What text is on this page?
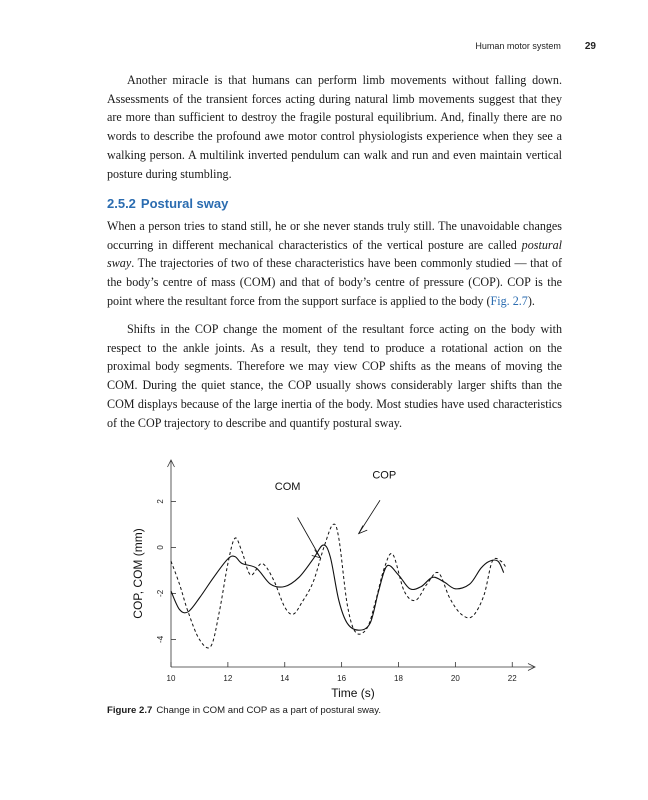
Human motor system 29

Another miracle is that humans can perform limb movements without falling down. Assessments of the transient forces acting during natural limb movements suggest that they are more than sufficient to destroy the fragile postural equilibrium. And, finally there are no words to describe the profound awe motor control physiologists experience when they see a walking person. A multilink inverted pendulum can walk and run and even maintain vertical posture during stumbling.

2.5.2 Postural sway

When a person tries to stand still, he or she never stands truly still. The unavoidable changes occurring in different mechanical characteristics of the vertical posture are called postural sway. The trajectories of two of these characteristics have been commonly studied — that of the body’s centre of mass (COM) and that of body’s centre of pressure (COP). COP is the point where the resultant force from the support surface is applied to the body (Fig. 2.7).

Shifts in the COP change the moment of the resultant force acting on the body with respect to the ankle joints. As a result, they tend to produce a rotational action on the proximal body segments. Therefore we may view COP shifts as the means of moving the COM. During the quiet stance, the COP usually shows considerably larger shifts than the COM displays because of the large inertia of the body. Most studies have used characteristics of the COP trajectory to describe and quantify postural sway.

10	12	14	16	18	20	22
-4
-2
0
2
Time (s)
COP, COM (mm)
COM
COP

Figure 2.7 Change in COM and COP as a part of postural sway.
